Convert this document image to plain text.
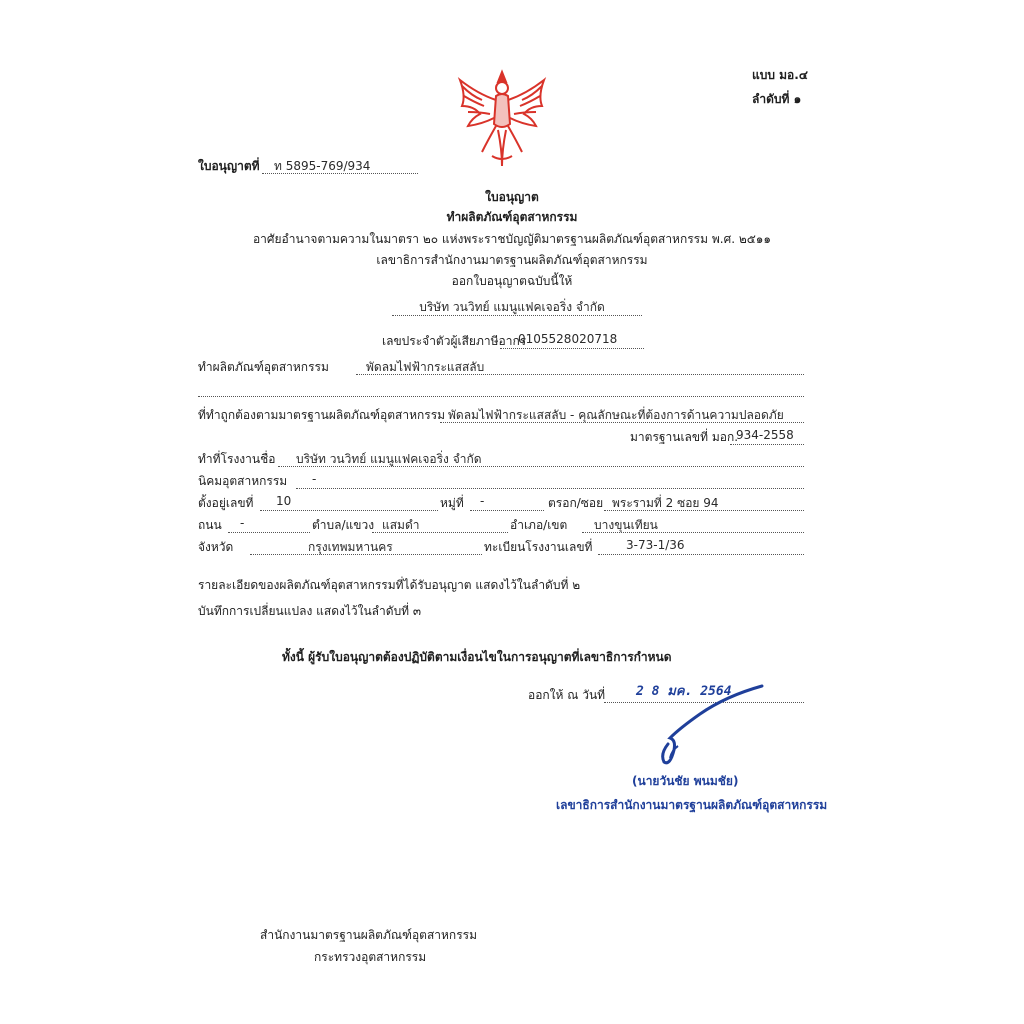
แบบ มอ.๔
ลำดับที่ ๑
ใบอนุญาตที่ ท 5895-769/934
ใบอนุญาต
ทำผลิตภัณฑ์อุตสาหกรรม
อาศัยอำนาจตามความในมาตรา ๒๐ แห่งพระราชบัญญัติมาตรฐานผลิตภัณฑ์อุตสาหกรรม พ.ศ. ๒๕๑๑
เลขาธิการสำนักงานมาตรฐานผลิตภัณฑ์อุตสาหกรรม
ออกใบอนุญาตฉบับนี้ให้
บริษัท วนวิทย์ แมนูแฟคเจอริ่ง จำกัด
เลขประจำตัวผู้เสียภาษีอากร
0105528020718
ทำผลิตภัณฑ์อุตสาหกรรม	พัดลมไฟฟ้ากระแสสลับ
ที่ทำถูกต้องตามมาตรฐานผลิตภัณฑ์อุตสาหกรรม พัดลมไฟฟ้ากระแสสลับ - คุณลักษณะที่ต้องการด้านความปลอดภัย
มาตรฐานเลขที่ มอก.
934-2558
ทำที่โรงงานชื่อ บริษัท วนวิทย์ แมนูแฟคเจอริ่ง จำกัด
นิคมอุตสาหกรรม -
ตั้งอยู่เลขที่ 10	หมู่ที่ -	ตรอก/ซอย พระรามที่ 2 ซอย 94
ถนน -	ตำบล/แขวง แสมดำ	อำเภอ/เขต บางขุนเทียน
จังหวัด	กรุงเทพมหานคร	ทะเบียนโรงงานเลขที่	3-73-1/36
รายละเอียดของผลิตภัณฑ์อุตสาหกรรมที่ได้รับอนุญาต แสดงไว้ในลำดับที่ ๒
บันทึกการเปลี่ยนแปลง แสดงไว้ในลำดับที่ ๓
ทั้งนี้ ผู้รับใบอนุญาตต้องปฏิบัติตามเงื่อนไขในการอนุญาตที่เลขาธิการกำหนด
ออกให้ ณ วันที่ 2 8 มค. 2564
(นายวันชัย พนมชัย)
เลขาธิการสำนักงานมาตรฐานผลิตภัณฑ์อุตสาหกรรม
สำนักงานมาตรฐานผลิตภัณฑ์อุตสาหกรรม
กระทรวงอุตสาหกรรม
